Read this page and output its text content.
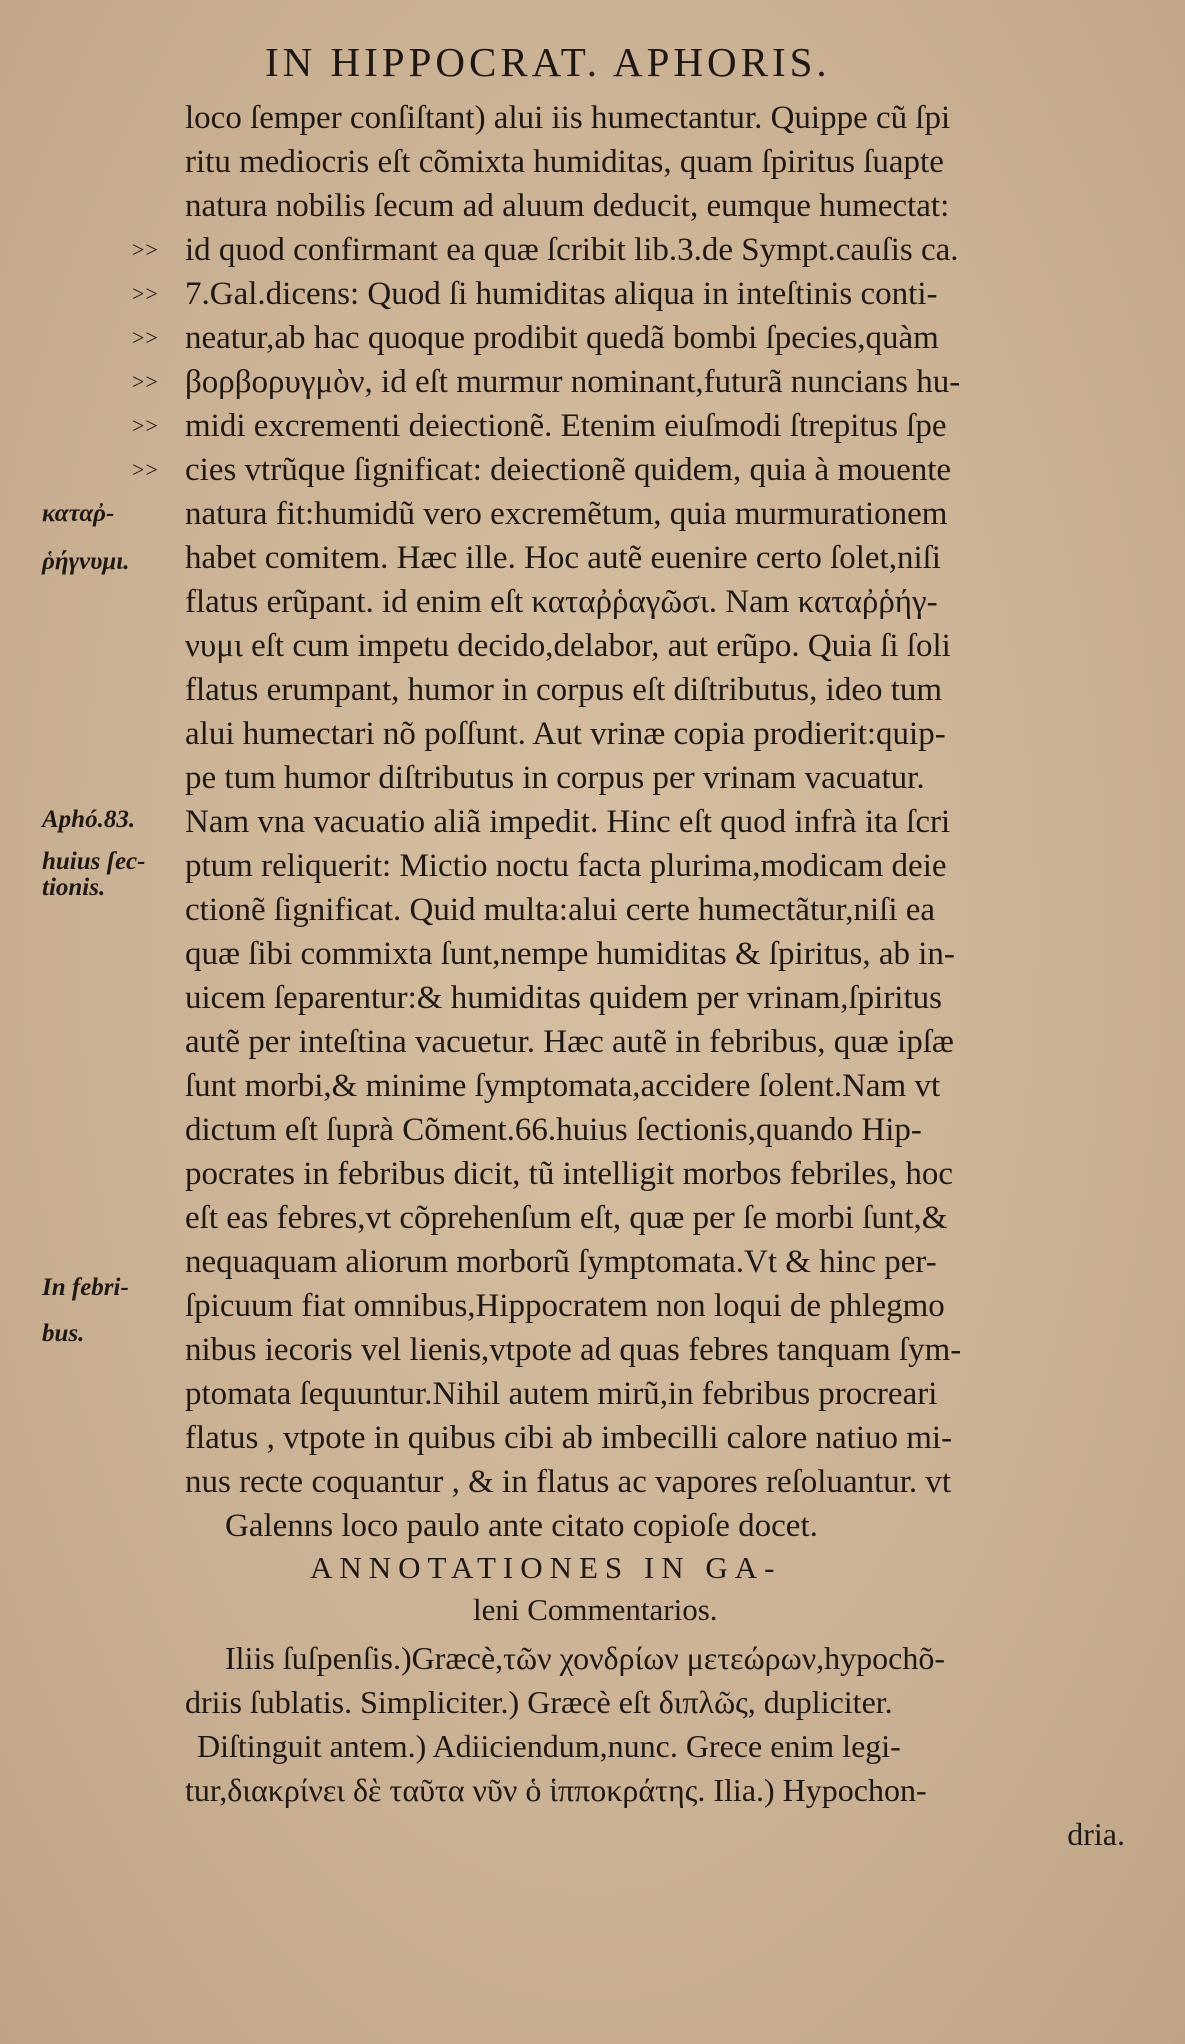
IN HIPPOCRAT. APHORIS.
>>
>>
>>
>>
>>
>>
καταῤ-
ῥήγνυμι.
Aphó.83.
huius ſec-
tionis.
In febri-
bus.
loco ſemper conſiſtant) alui iis humectantur. Quippe cũ ſpi
ritu mediocris eſt cõmixta humiditas, quam ſpiritus ſuapte
natura nobilis ſecum ad aluum deducit, eumque humectat:
id quod confirmant ea quæ ſcribit lib.3.de Sympt.cauſis ca.
7.Gal.dicens: Quod ſi humiditas aliqua in inteſtinis conti-
neatur,ab hac quoque prodibit quedã bombi ſpecies,quàm
βορβορυγμὸν, id eſt murmur nominant,futurã nuncians hu-
midi excrementi deiectionẽ. Etenim eiuſmodi ſtrepitus ſpe
cies vtrũque ſignificat: deiectionẽ quidem, quia à mouente
natura fit:humidũ vero excremẽtum, quia murmurationem
habet comitem. Hæc ille. Hoc autẽ euenire certo ſolet,niſi
flatus erũpant. id enim eſt καταῤῥαγῶσι. Nam καταῤῥήγ-
νυμι eſt cum impetu decido,delabor, aut erũpo. Quia ſi ſoli
flatus erumpant, humor in corpus eſt diſtributus, ideo tum
alui humectari nõ poſſunt. Aut vrinæ copia prodierit:quip-
pe tum humor diſtributus in corpus per vrinam vacuatur.
Nam vna vacuatio aliã impedit. Hinc eſt quod infrà ita ſcri
ptum reliquerit: Mictio noctu facta plurima,modicam deie
ctionẽ ſignificat. Quid multa:alui certe humectãtur,niſi ea
quæ ſibi commixta ſunt,nempe humiditas & ſpiritus, ab in-
uicem ſeparentur:& humiditas quidem per vrinam,ſpiritus
autẽ per inteſtina vacuetur. Hæc autẽ in febribus, quæ ipſæ
ſunt morbi,& minime ſymptomata,accidere ſolent.Nam vt
dictum eſt ſuprà Cõment.66.huius ſectionis,quando Hip-
pocrates in febribus dicit, tũ intelligit morbos febriles, hoc
eſt eas febres,vt cõprehenſum eſt, quæ per ſe morbi ſunt,&
nequaquam aliorum morborũ ſymptomata.Vt & hinc per-
ſpicuum fiat omnibus,Hippocratem non loqui de phlegmo
nibus iecoris vel lienis,vtpote ad quas febres tanquam ſym-
ptomata ſequuntur.Nihil autem mirũ,in febribus procreari
flatus , vtpote in quibus cibi ab imbecilli calore natiuo mi-
nus recte coquantur , & in flatus ac vapores reſoluantur. vt
Galenns loco paulo ante citato copioſe docet.
ANNOTATIONES IN GA-
leni Commentarios.
Iliis ſuſpenſis.)Græcè,τῶν χονδρίων μετεώρων,hypochõ-
driis ſublatis. Simpliciter.) Græcè eſt διπλῶς, dupliciter.
Diſtinguit antem.) Adiiciendum,nunc. Grece enim legi-
tur,διακρίνει δὲ ταῦτα νῦν ὁ ἱπποκράτης. Ilia.) Hypochon-
dria.
